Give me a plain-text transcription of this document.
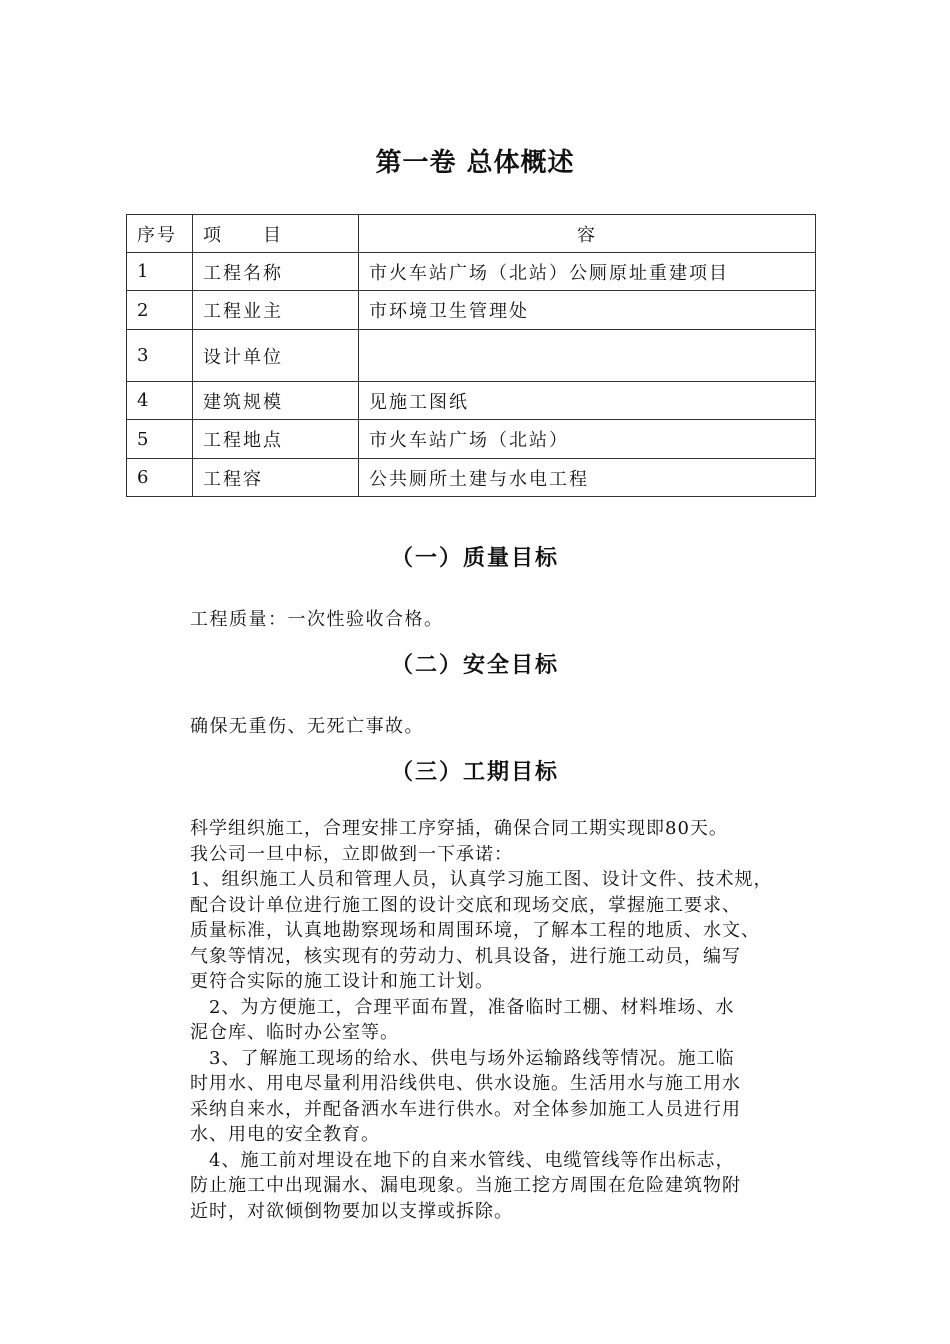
第一卷 总体概述
序号	项　　目	容
1	工程名称	市火车站广场（北站）公厕原址重建项目
2	工程业主	市环境卫生管理处
3	设计单位	
4	建筑规模	见施工图纸
5	工程地点	市火车站广场（北站）
6	工程容	公共厕所土建与水电工程
（一）质量目标
工程质量：一次性验收合格。
（二）安全目标
确保无重伤、无死亡事故。
（三）工期目标
科学组织施工，合理安排工序穿插，确保合同工期实现即80天。
我公司一旦中标，立即做到一下承诺：
1、组织施工人员和管理人员，认真学习施工图、设计文件、技术规，
配合设计单位进行施工图的设计交底和现场交底，掌握施工要求、
质量标准，认真地勘察现场和周围环境，了解本工程的地质、水文、
气象等情况，核实现有的劳动力、机具设备，进行施工动员，编写
更符合实际的施工设计和施工计划。
　2、为方便施工，合理平面布置，准备临时工棚、材料堆场、水
泥仓库、临时办公室等。
　3、了解施工现场的给水、供电与场外运输路线等情况。施工临
时用水、用电尽量利用沿线供电、供水设施。生活用水与施工用水
采纳自来水，并配备洒水车进行供水。对全体参加施工人员进行用
水、用电的安全教育。
　4、施工前对埋设在地下的自来水管线、电缆管线等作出标志，
防止施工中出现漏水、漏电现象。当施工挖方周围在危险建筑物附
近时，对欲倾倒物要加以支撑或拆除。
